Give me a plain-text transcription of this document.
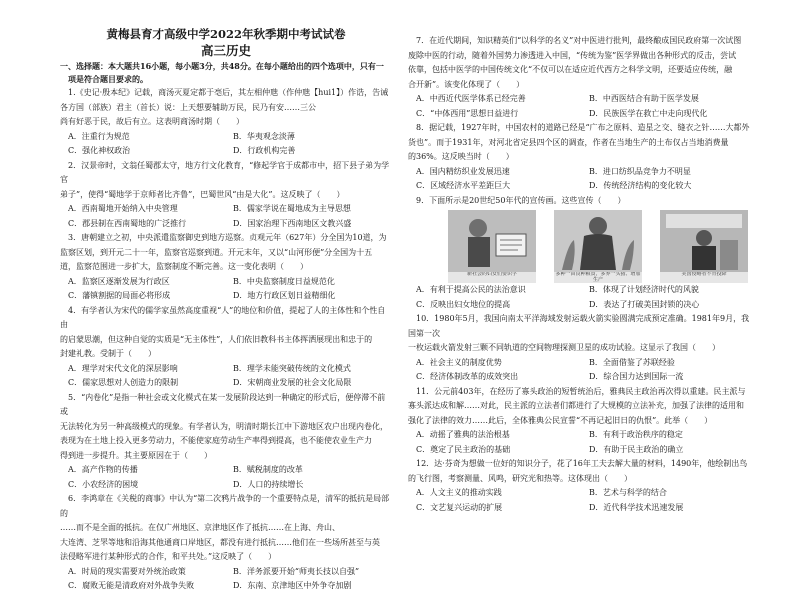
黄梅县育才高级中学2022年秋季期中考试试卷
高三历史
一、选择题：本大题共16小题，每小题3分，共48分。在每小题给出的四个选项中，只有一
项是符合题目要求的。
1.《史记·殷本纪》记载，商汤灭夏定都于亳后，其左相仲虺（作仲虺【hui1】）作诰，告诫
各方国（部族）君主（首长）说：上天想要辅助万民，民乃有安……三公
尚有好恶于民，故后有立。这表明商汤时期（　　）
A．注重行为规范	B．华夷观念淡薄
C．强化神权政治	D．行政机构完善
2．汉景帝时，文翁任蜀郡太守，地方行文化教育，“修起学官于成都市中，招下县子弟为学官
弟子”，使得“蜀地学于京师者比齐鲁”，巴蜀世风“由是大化”。这反映了（　　）
A．西南蜀地开始纳入中央管理	B．儒家学说在蜀地成为主导思想
C．郡县制在西南蜀地的广泛推行	D．国家治理下西南地区文教兴盛
3．唐朝建立之初，中央派遣监察御史到地方巡察。贞观元年（627年）分全国为10道，为
监察区划，到开元二十一年，监察官巡察到道。开元末年，又以“山河形便”分全国为十五
道，监察范围进一步扩大，监察制度不断完善。这一变化表明（　　）
A．监察区逐渐发展为行政区	B．中央监察制度日益规范化
C．藩镇割据的局面必将形成	D．地方行政区划日益精细化
4．有学者认为宋代的儒学家虽然高度重视“人”的地位和价值，提起了人的主体性和个性自由
的启蒙思潮，但这种自觉的实质是“无主体性”，人们依旧教科书主体挥洒展现出和忠于的
封建礼教。受制于（　　）
A．理学对宋代文化的深层影响	B．理学未能突破传统的文化模式
C．儒家思想对人创造力的限制	D．宋朝商业发展的社会文化局限
5．“内卷化”是指一种社会或文化模式在某一发展阶段达到一种确定的形式后，便停滞不前或
无法转化为另一种高级模式的现象。有学者认为，明清时期长江中下游地区农户出现内卷化，
表现为在土地上投入更多劳动力，不能使家庭劳动生产率得到提高，也不能使农业生产力
得到进一步提升。其主要原因在于（　　）
A．高产作物的传播	B．赋税制度的改革
C．小农经济的困境	D．人口的持续增长
6．李鸿章在《关税的商事》中认为“第二次鸦片战争的一个重要特点是，清军的抵抗是局部的
……而不是全面的抵抗。在仅广州地区、京津地区作了抵抗……在上海、舟山、
大连湾、芝罘等地和沿海其他通商口岸地区，都没有进行抵抗……他们在一些场所甚至与英
法侵略军进行某种形式的合作，和平共处。”这反映了（　　）
A．时局的现实需要对外统治政策	B．洋务派要开始“师夷长技以自强”
C．腐败无能是清政府对外战争失败	D．东南、京津地区中外争夺加剧
7．在近代期间，知识精英们“以科学的名义”对中医进行批判，最终酿成国民政府第一次试图
废除中医的行动，随着外国势力渗透进入中国，“传统为鉴”医学界做出各种形式的反击，尝试
依靠，包括中医学的中国传统文化“不仅可以在适应近代西方之科学文明，还要适应传统，融
合开新”。该变化体现了（　　）
A．中西近代医学体系已经完善	B．中西医结合有助于医学发展
C．“中体西用”思想日益进行	D．民族医学在救亡中走向现代化
8．据记载，1927年时，中国农村的道路已经是“广布之原料、造星之交、缝衣之针……大都外
货也”。而于1931年，对河北省定县四个区的调查，作者在当地生产的土布仅占当地消费量
的36%。这反映当时（　　）
A．国内精纺织业发展迅速	B．进口纺织品竞争力不明显
C．区域经济水平差距巨大	D．传统经济结构的变化较大
9．下面所示是20世纪50年代的宣传画。这些宣传（　　）
新社会的妇女们要识字	多种一亩良种粮食，多养一头猪、增加生产
美国侵略者不肯投降
A．有利于提高公民的法治意识	B．体现了计划经济时代的风貌
C．反映出妇女地位的提高	D．表达了打破美国封锁的决心
10．1980年5月，我国向南太平洋海域发射运载火箭实验圆满完成预定准确。1981年9月，我国第一次
一枚运载火箭发射三颗不同轨道的空间物理探测卫星的成功试验。这显示了我国（　　）
A．社会主义的制度优势	B．全面借鉴了苏联经验
C．经济体制改革的成效突出	D．综合国力达到国际一流
11．公元前403年，在经历了寡头政治的短暂统治后，雅典民主政治再次得以重建。民主派与
寡头派达成和解……对此，民主派的立法者们都进行了大规模的立法补充，加强了法律的适用和
强化了法律的效力……此后，全体雅典公民宣誓“不再记起旧日的仇恨”。此举（　　）
A．动摇了雅典的法治根基	B．有利于政治秩序的稳定
C．奠定了民主政治的基础	D．有助于民主政治的确立
12．达·芬奇为想做一位好的知识分子，花了16年工夫去解大量的材料，1490年，他绘制出鸟
的飞行图，考察测量、风鸣，研究光和热等。这体现出（　　）
A．人文主义的推动实践	B．艺术与科学的结合
C．文艺复兴运动的扩展	D．近代科学技术迅速发展
